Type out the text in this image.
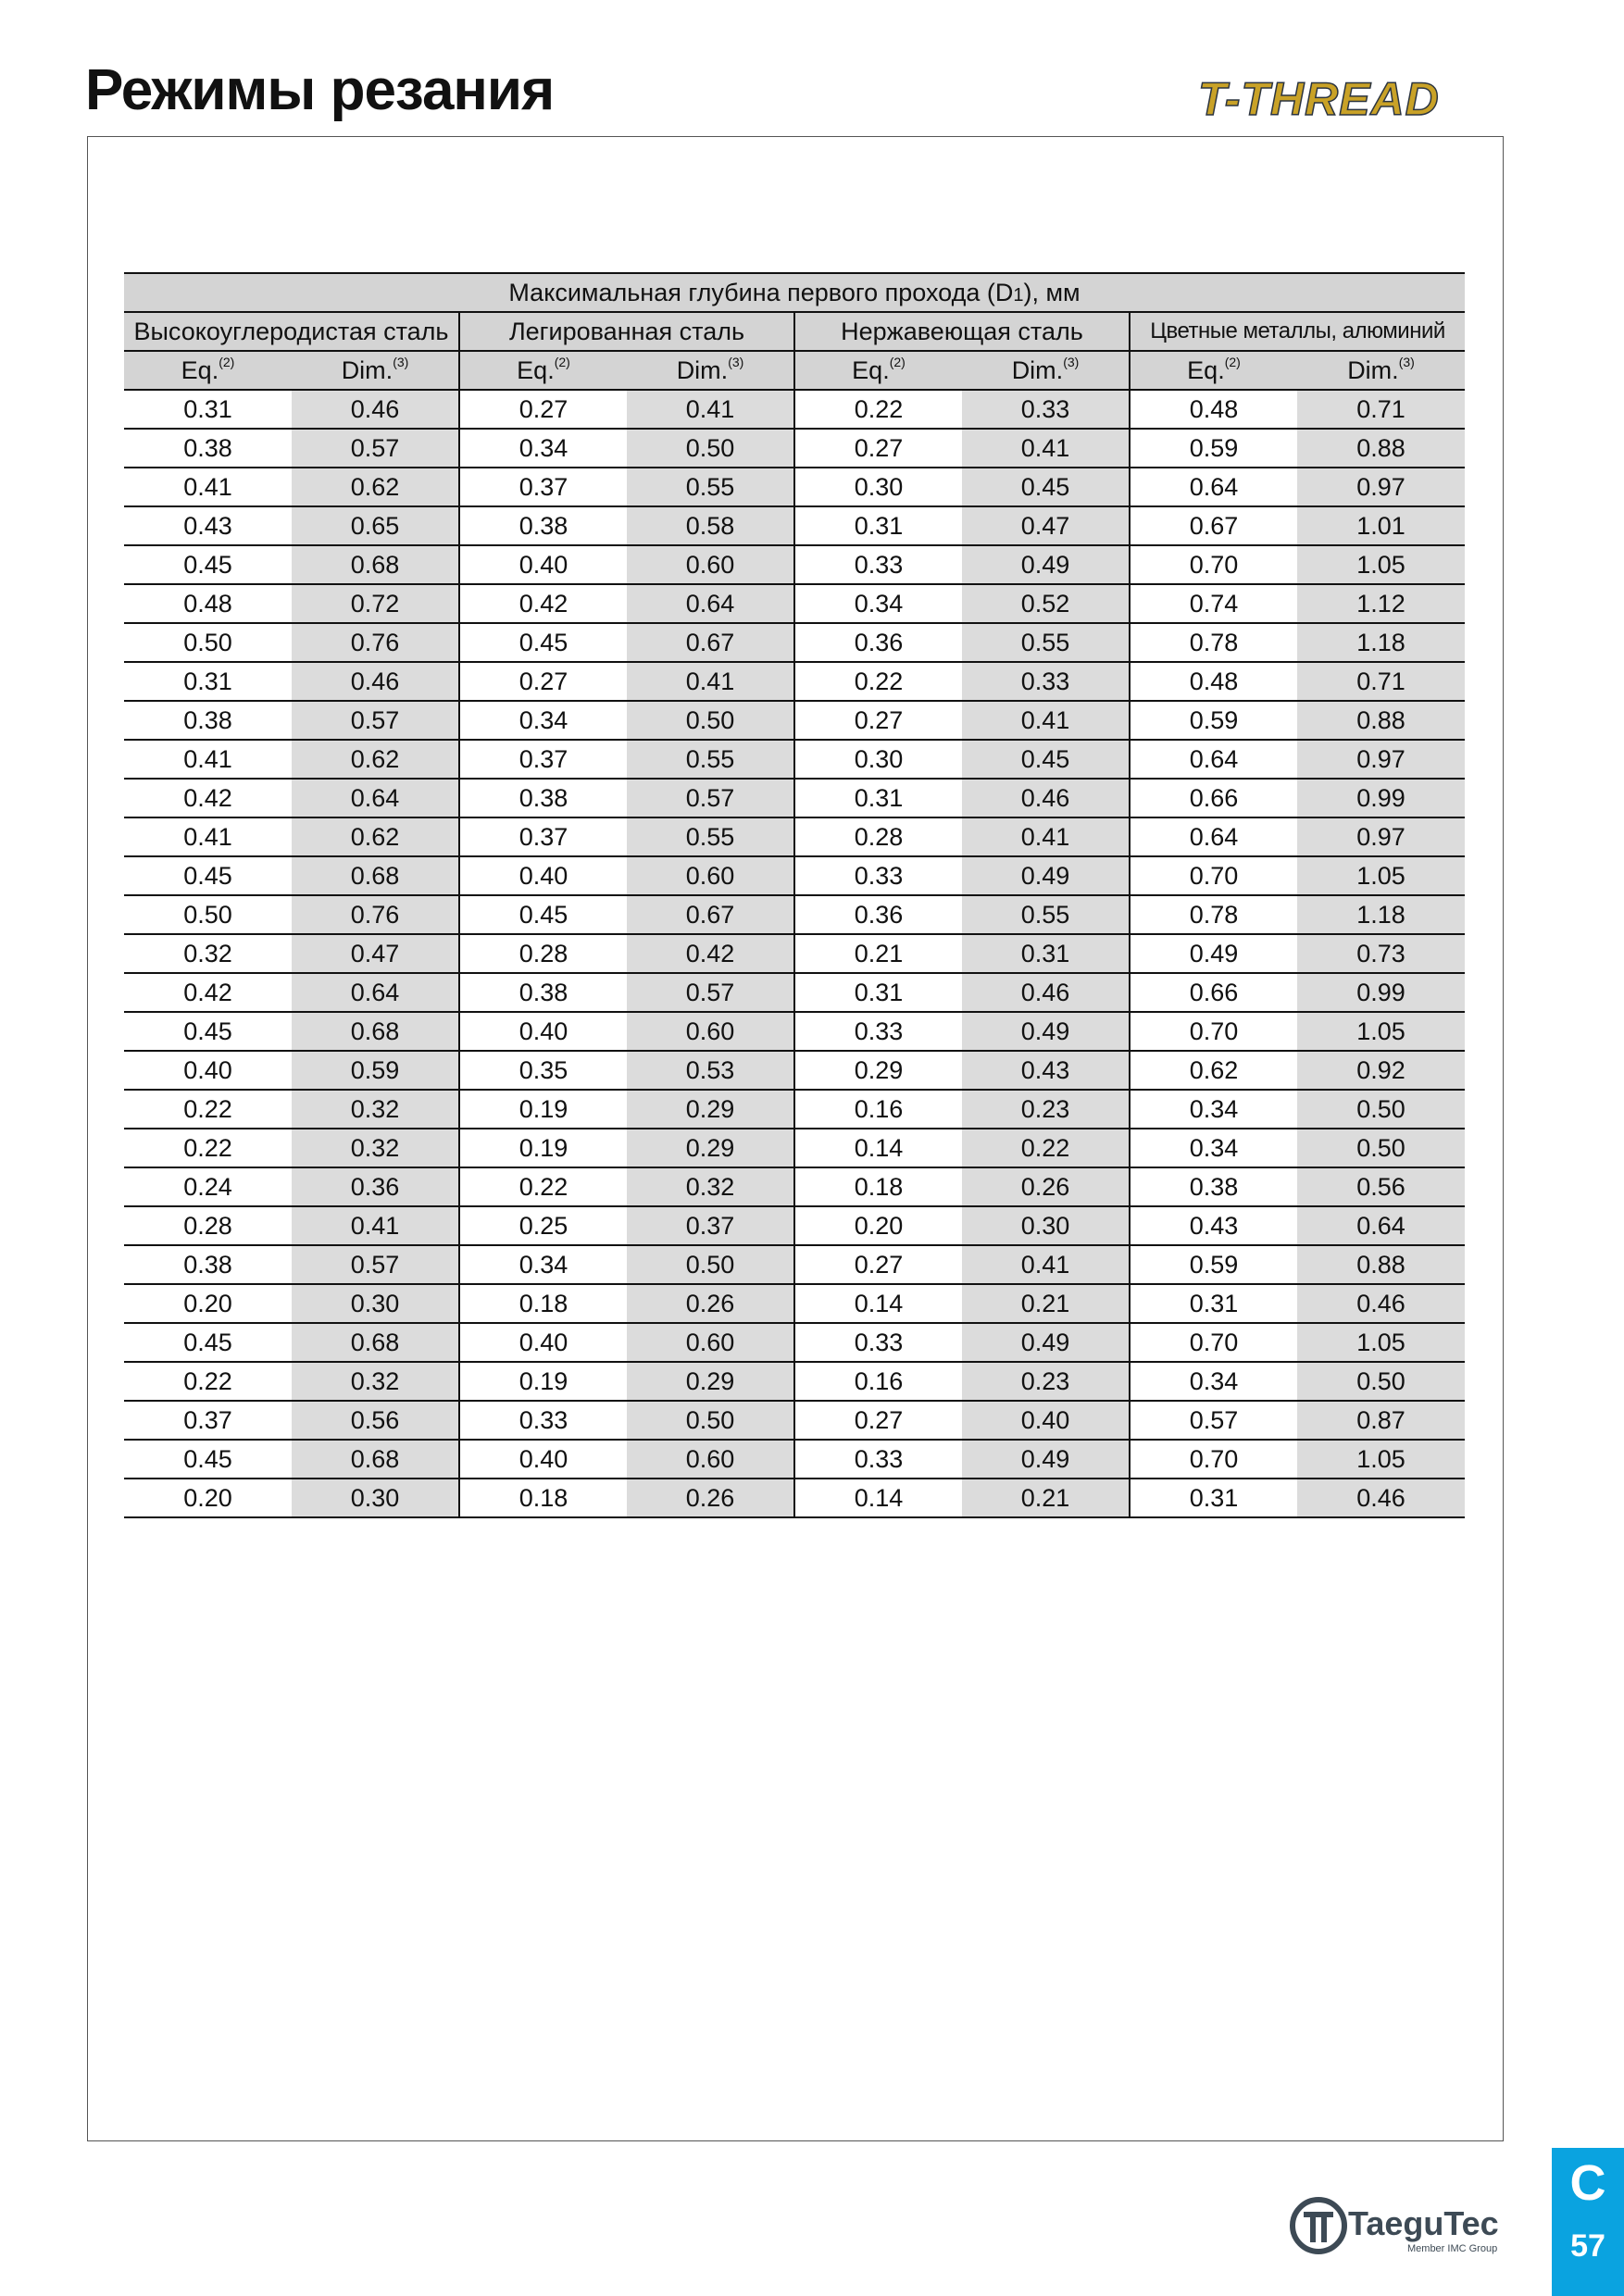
Режимы резания	T-THREAD
Максимальная глубина первого прохода (D1), мм							
Высокоуглеродистая сталь		Легированная сталь		Нержавеющая сталь		Цветные металлы, алюминий	
Eq.$^{(2)}$	Dim.$^{(3)}$	Eq.$^{(2)}$	Dim.$^{(3)}$	Eq.$^{(2)}$	Dim.$^{(3)}$	Eq.$^{(2)}$	Dim.$^{(3)}$
0.31	0.46	0.27	0.41	0.22	0.33	0.48	0.71
0.38	0.57	0.34	0.50	0.27	0.41	0.59	0.88
0.41	0.62	0.37	0.55	0.30	0.45	0.64	0.97
0.43	0.65	0.38	0.58	0.31	0.47	0.67	1.01
0.45	0.68	0.40	0.60	0.33	0.49	0.70	1.05
0.48	0.72	0.42	0.64	0.34	0.52	0.74	1.12
0.50	0.76	0.45	0.67	0.36	0.55	0.78	1.18
0.31	0.46	0.27	0.41	0.22	0.33	0.48	0.71
0.38	0.57	0.34	0.50	0.27	0.41	0.59	0.88
0.41	0.62	0.37	0.55	0.30	0.45	0.64	0.97
0.42	0.64	0.38	0.57	0.31	0.46	0.66	0.99
0.41	0.62	0.37	0.55	0.28	0.41	0.64	0.97
0.45	0.68	0.40	0.60	0.33	0.49	0.70	1.05
0.50	0.76	0.45	0.67	0.36	0.55	0.78	1.18
0.32	0.47	0.28	0.42	0.21	0.31	0.49	0.73
0.42	0.64	0.38	0.57	0.31	0.46	0.66	0.99
0.45	0.68	0.40	0.60	0.33	0.49	0.70	1.05
0.40	0.59	0.35	0.53	0.29	0.43	0.62	0.92
0.22	0.32	0.19	0.29	0.16	0.23	0.34	0.50
0.22	0.32	0.19	0.29	0.14	0.22	0.34	0.50
0.24	0.36	0.22	0.32	0.18	0.26	0.38	0.56
0.28	0.41	0.25	0.37	0.20	0.30	0.43	0.64
0.38	0.57	0.34	0.50	0.27	0.41	0.59	0.88
0.20	0.30	0.18	0.26	0.14	0.21	0.31	0.46
0.45	0.68	0.40	0.60	0.33	0.49	0.70	1.05
0.22	0.32	0.19	0.29	0.16	0.23	0.34	0.50
0.37	0.56	0.33	0.50	0.27	0.40	0.57	0.87
0.45	0.68	0.40	0.60	0.33	0.49	0.70	1.05
0.20	0.30	0.18	0.26	0.14	0.21	0.31	0.46
TaeguTec
Member IMC Group
C
57
